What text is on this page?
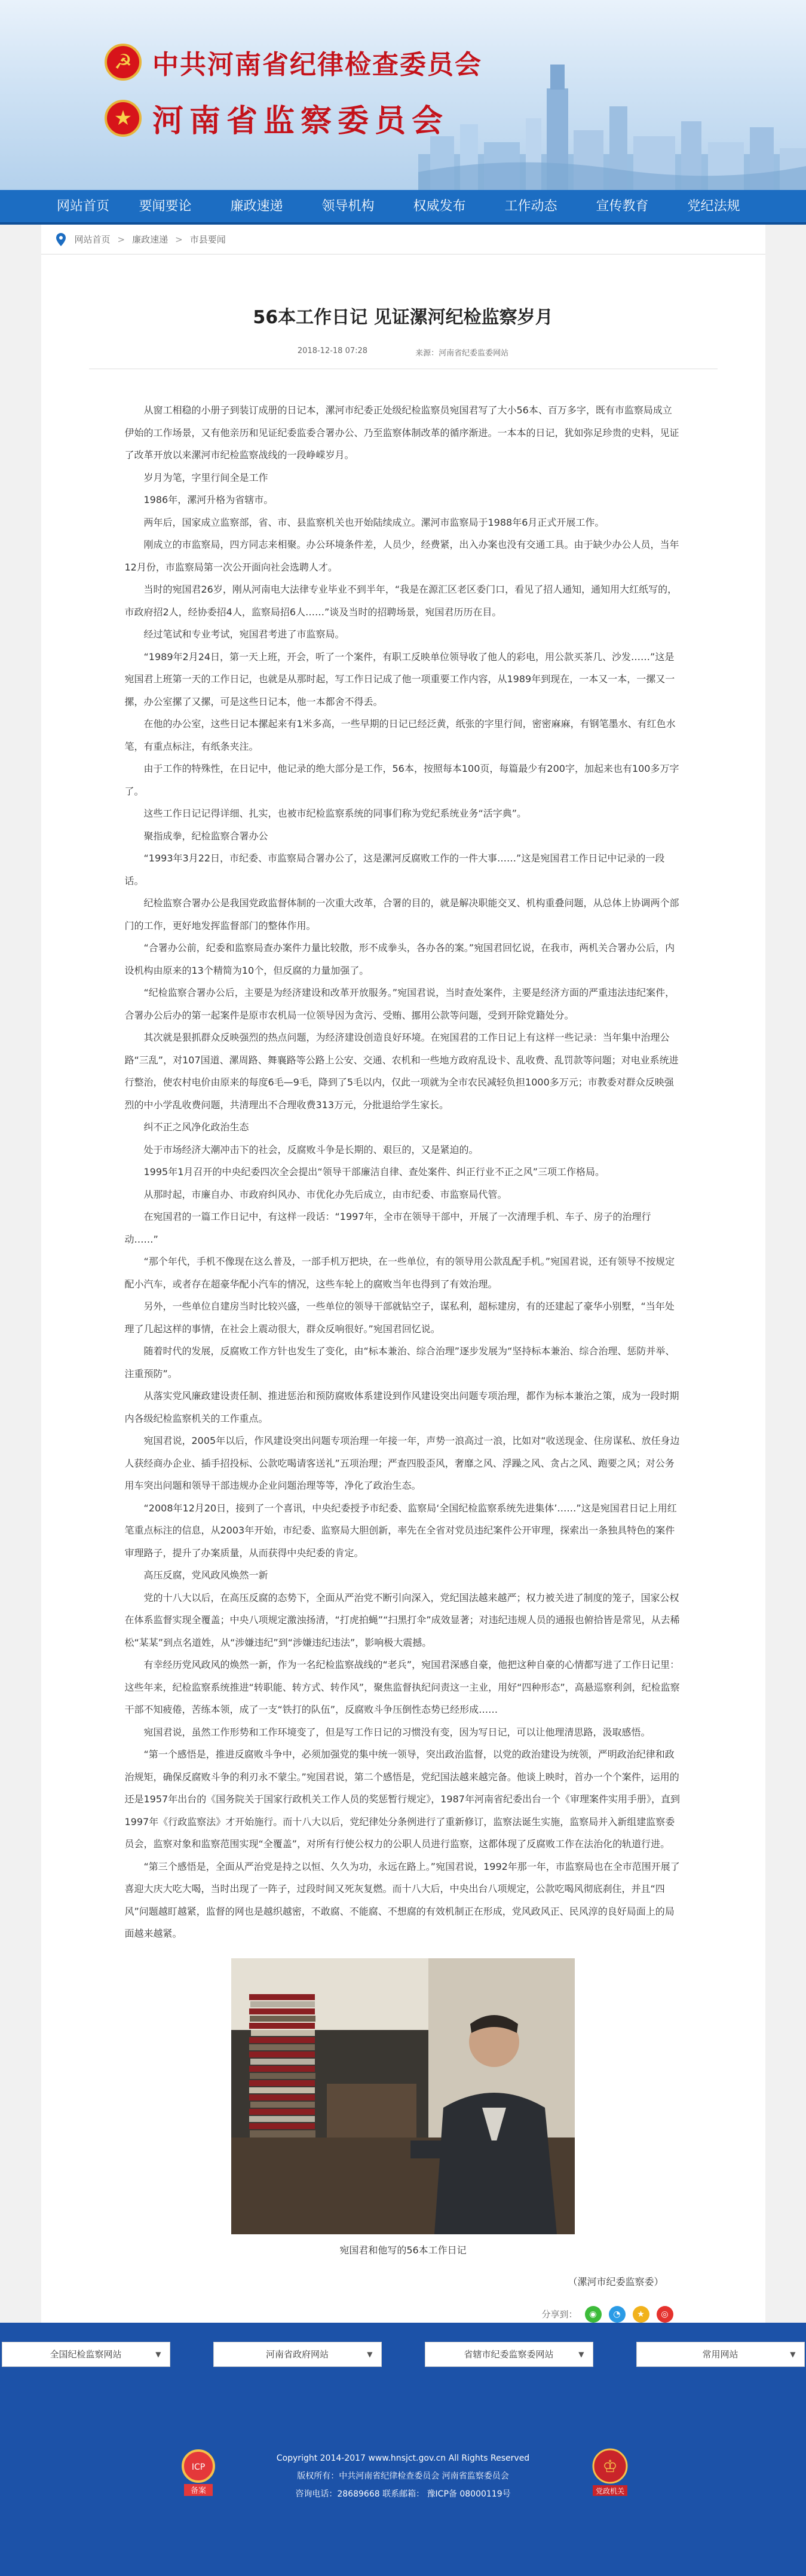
☭ 中共河南省纪律检查委员会
★ 河南省监察委员会
网站首页	要闻要论	廉政速递	领导机构	权威发布	工作动态	宣传教育	党纪法规
网站首页 > 廉政速递 > 市县要闻
56本工作日记 见证漯河纪检监察岁月
2018-12-18 07:28	来源：河南省纪委监委网站

从窗工相稳的小册子到装订成册的日记本，漯河市纪委正处级纪检监察员宛国君写了大小56本、百万多字，既有市监察局成立伊始的工作场景，又有他亲历和见证纪委监委合署办公、乃至监察体制改革的循序渐进。一本本的日记，犹如弥足珍贵的史料，见证了改革开放以来漯河市纪检监察战线的一段峥嵘岁月。

岁月为笔，字里行间全是工作

1986年，漯河升格为省辖市。

两年后，国家成立监察部，省、市、县监察机关也开始陆续成立。漯河市监察局于1988年6月正式开展工作。

刚成立的市监察局，四方同志来相聚。办公环境条件差，人员少，经费紧，出入办案也没有交通工具。由于缺少办公人员，当年12月份，市监察局第一次公开面向社会选聘人才。

当时的宛国君26岁，刚从河南电大法律专业毕业不到半年，“我是在源汇区老区委门口，看见了招人通知，通知用大红纸写的，市政府招2人，经协委招4人，监察局招6人……”谈及当时的招聘场景，宛国君历历在目。

经过笔试和专业考试，宛国君考进了市监察局。

“1989年2月24日，第一天上班，开会，听了一个案件，有职工反映单位领导收了他人的彩电，用公款买茶几、沙发……”这是宛国君上班第一天的工作日记，也就是从那时起，写工作日记成了他一项重要工作内容，从1989年到现在，一本又一本，一摞又一摞，办公室摞了又摞，可是这些日记本，他一本都舍不得丢。

在他的办公室，这些日记本摞起来有1米多高，一些早期的日记已经泛黄，纸张的字里行间，密密麻麻，有钢笔墨水、有红色水笔，有重点标注，有纸条夹注。

由于工作的特殊性，在日记中，他记录的绝大部分是工作，56本，按照每本100页，每篇最少有200字，加起来也有100多万字了。

这些工作日记记得详细、扎实，也被市纪检监察系统的同事们称为党纪系统业务“活字典”。

聚指成拳，纪检监察合署办公

“1993年3月22日，市纪委、市监察局合署办公了，这是漯河反腐败工作的一件大事……”这是宛国君工作日记中记录的一段话。

纪检监察合署办公是我国党政监督体制的一次重大改革，合署的目的，就是解决职能交叉、机构重叠问题，从总体上协调两个部门的工作，更好地发挥监督部门的整体作用。

“合署办公前，纪委和监察局查办案件力量比较散，形不成拳头，各办各的案。”宛国君回忆说，在我市，两机关合署办公后，内设机构由原来的13个精简为10个，但反腐的力量加强了。

“纪检监察合署办公后，主要是为经济建设和改革开放服务。”宛国君说，当时查处案件，主要是经济方面的严重违法违纪案件，合署办公后办的第一起案件是原市农机局一位领导因为贪污、受贿、挪用公款等问题，受到开除党籍处分。

其次就是狠抓群众反映强烈的热点问题，为经济建设创造良好环境。在宛国君的工作日记上有这样一些记录：当年集中治理公路“三乱”，对107国道、漯周路、舞襄路等公路上公安、交通、农机和一些地方政府乱设卡、乱收费、乱罚款等问题；对电业系统进行整治，使农村电价由原来的每度6毛—9毛，降到了5毛以内，仅此一项就为全市农民减轻负担1000多万元；市教委对群众反映强烈的中小学乱收费问题，共清理出不合理收费313万元，分批退给学生家长。

纠不正之风净化政治生态

处于市场经济大潮冲击下的社会，反腐败斗争是长期的、艰巨的，又是紧迫的。

1995年1月召开的中央纪委四次全会提出“领导干部廉洁自律、查处案件、纠正行业不正之风”三项工作格局。

从那时起，市廉自办、市政府纠风办、市优化办先后成立，由市纪委、市监察局代管。

在宛国君的一篇工作日记中，有这样一段话：“1997年，全市在领导干部中，开展了一次清理手机、车子、房子的治理行动……”

“那个年代，手机不像现在这么普及，一部手机万把块，在一些单位，有的领导用公款乱配手机。”宛国君说，还有领导不按规定配小汽车，或者存在超豪华配小汽车的情况，这些车轮上的腐败当年也得到了有效治理。

另外，一些单位自建房当时比较兴盛，一些单位的领导干部就钻空子，谋私利，超标建房，有的还建起了豪华小别墅，“当年处理了几起这样的事情，在社会上震动很大，群众反响很好。”宛国君回忆说。

随着时代的发展，反腐败工作方针也发生了变化，由“标本兼治、综合治理”逐步发展为“坚持标本兼治、综合治理、惩防并举、注重预防”。

从落实党风廉政建设责任制、推进惩治和预防腐败体系建设到作风建设突出问题专项治理，都作为标本兼治之策，成为一段时期内各级纪检监察机关的工作重点。

宛国君说，2005年以后，作风建设突出问题专项治理一年接一年，声势一浪高过一浪，比如对“收送现金、住房谋私、放任身边人获经商办企业、插手招投标、公款吃喝请客送礼”五项治理；严查四股歪风，奢靡之风、浮躁之风、贪占之风、跑要之风；对公务用车突出问题和领导干部违规办企业问题治理等等，净化了政治生态。

“2008年12月20日，接到了一个喜讯，中央纪委授予市纪委、监察局‘全国纪检监察系统先进集体’……”这是宛国君日记上用红笔重点标注的信息，从2003年开始，市纪委、监察局大胆创新，率先在全省对党员违纪案件公开审理，探索出一条独具特色的案件审理路子，提升了办案质量，从而获得中央纪委的肯定。

高压反腐，党风政风焕然一新

党的十八大以后，在高压反腐的态势下，全面从严治党不断引向深入，党纪国法越来越严；权力被关进了制度的笼子，国家公权在体系监督实现全覆盖；中央八项规定激浊扬清，“打虎拍蝇”“扫黑打伞”成效显著；对违纪违规人员的通报也俯拾皆是常见，从去稀松“某某”到点名道姓，从“涉嫌违纪”到“涉嫌违纪违法”，影响极大震撼。

有幸经历党风政风的焕然一新，作为一名纪检监察战线的“老兵”，宛国君深感自豪，他把这种自豪的心情都写进了工作日记里：这些年来，纪检监察系统推进“转职能、转方式、转作风”，聚焦监督执纪问责这一主业，用好“四种形态”，高悬巡察利剑，纪检监察干部不知疲倦，苦练本领，成了一支“铁打的队伍”，反腐败斗争压倒性态势已经形成……

宛国君说，虽然工作形势和工作环境变了，但是写工作日记的习惯没有变，因为写日记，可以让他理清思路，汲取感悟。

“第一个感悟是，推进反腐败斗争中，必须加强党的集中统一领导，突出政治监督，以党的政治建设为统领，严明政治纪律和政治规矩，确保反腐败斗争的利刃永不蒙尘。”宛国君说，第二个感悟是，党纪国法越来越完备。他谈上映时，首办一个个案件，运用的还是1957年出台的《国务院关于国家行政机关工作人员的奖惩暂行规定》，1987年河南省纪委出台一个《审理案件实用手册》，直到1997年《行政监察法》才开始施行。而十八大以后，党纪律处分条例进行了重新修订，监察法诞生实施，监察局并入新组建监察委员会，监察对象和监察范围实现“全覆盖”，对所有行使公权力的公职人员进行监察，这都体现了反腐败工作在法治化的轨道行进。

“第三个感悟是，全面从严治党是持之以恒、久久为功，永远在路上。”宛国君说，1992年那一年，市监察局也在全市范围开展了喜迎大庆大吃大喝，当时出现了一阵子，过段时间又死灰复燃。而十八大后，中央出台八项规定，公款吃喝风彻底刹住，并且“四风”问题越盯越紧，监督的网也是越织越密，不敢腐、不能腐、不想腐的有效机制正在形成，党风政风正、民风淳的良好局面上的局面越来越紧。

宛国君和他写的56本工作日记
（漯河市纪委监察委）
分享到：	◉	◔	★	◎
全国纪检监察网站	▼	河南省政府网站	▼	省辖市纪委监察委网站	▼	常用网站	▼
ICP
备案
♔
党政机关
Copyright 2014-2017 www.hnsjct.gov.cn All Rights Reserved
版权所有：中共河南省纪律检查委员会 河南省监察委员会
咨询电话：28689668 联系邮箱： 豫ICP备 08000119号
